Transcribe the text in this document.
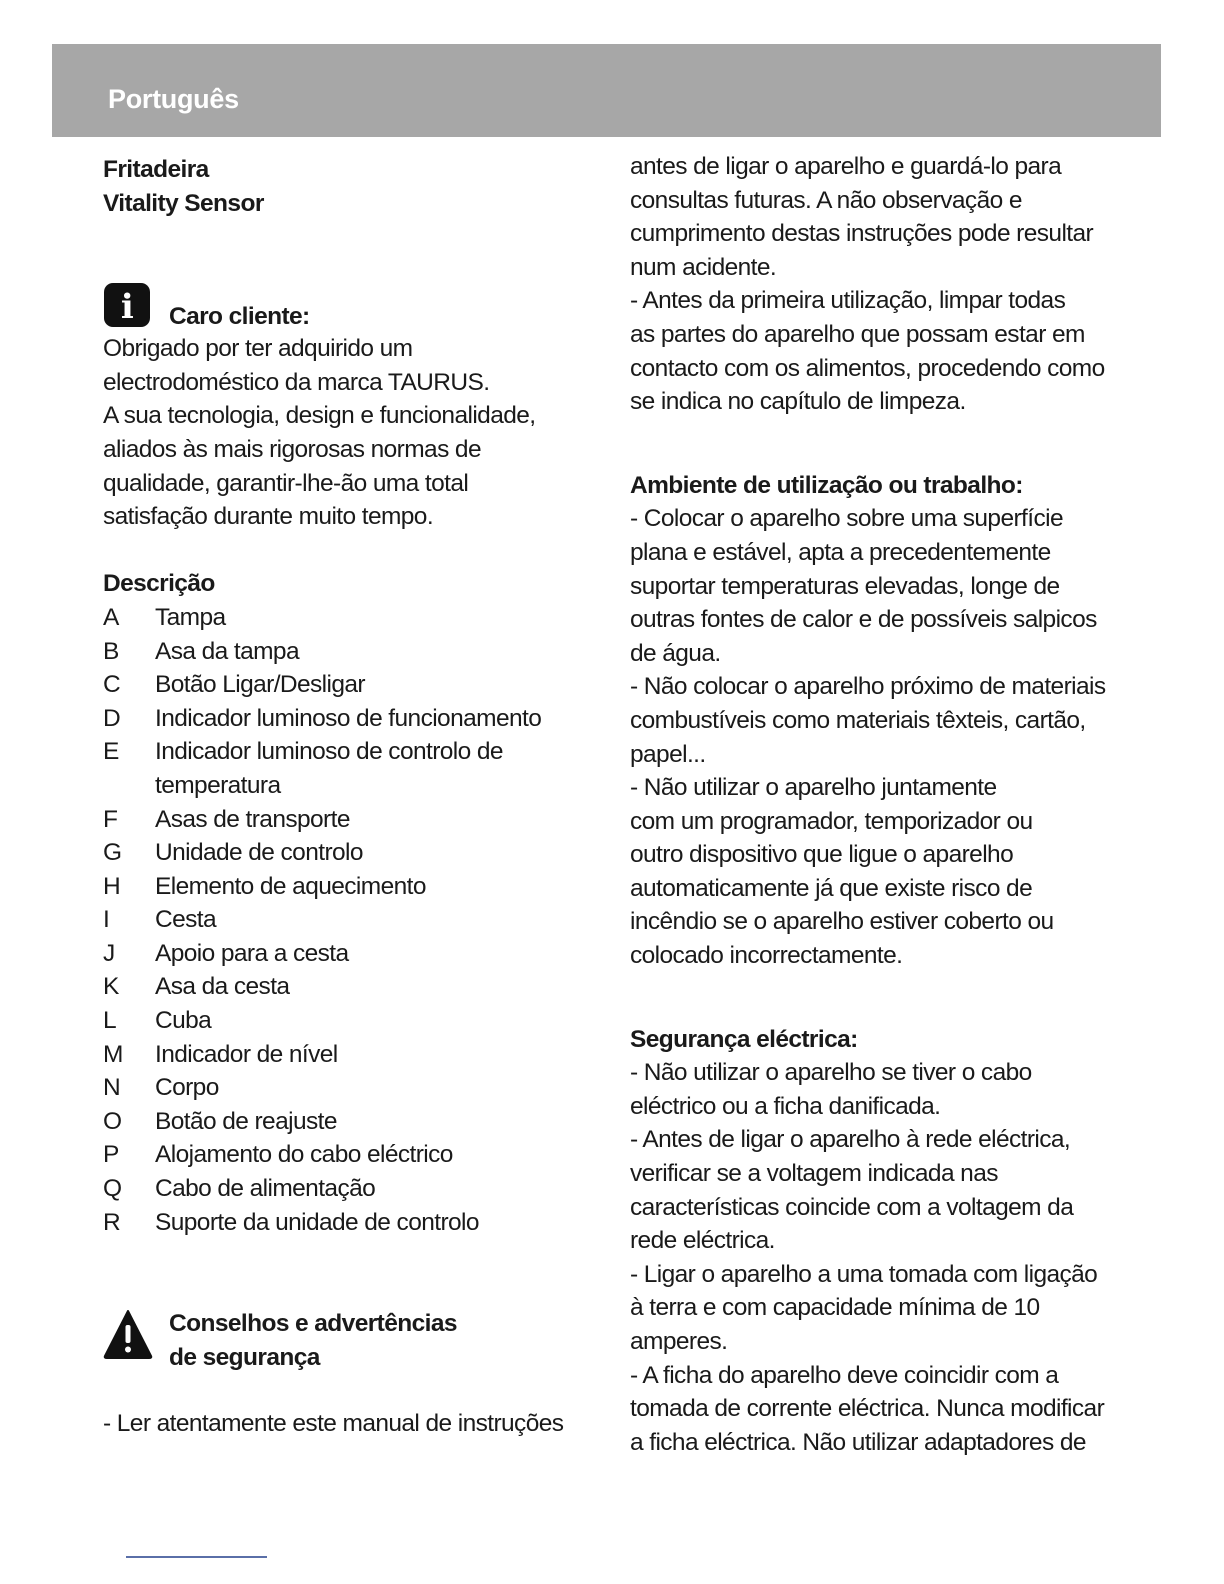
Português
Fritadeira
Vitality Sensor
i Caro cliente:
Obrigado por ter adquirido um
electrodoméstico da marca TAURUS.
A sua tecnologia, design e funcionalidade,
aliados às mais rigorosas normas de
qualidade, garantir-lhe-ão uma total
satisfação durante muito tempo.
Descrição
A	Tampa
B	Asa da tampa
C	Botão Ligar/Desligar
D	Indicador luminoso de funcionamento
E	Indicador luminoso de controlo de
temperatura
F	Asas de transporte
G	Unidade de controlo
H	Elemento de aquecimento
I	Cesta
J	Apoio para a cesta
K	Asa da cesta
L	Cuba
M	Indicador de nível
N	Corpo
O	Botão de reajuste
P	Alojamento do cabo eléctrico
Q	Cabo de alimentação
R	Suporte da unidade de controlo
Conselhos e advertências
de segurança
- Ler atentamente este manual de instruções
antes de ligar o aparelho e guardá-lo para
consultas futuras. A não observação e
cumprimento destas instruções pode resultar
num acidente.
- Antes da primeira utilização, limpar todas
as partes do aparelho que possam estar em
contacto com os alimentos, procedendo como
se indica no capítulo de limpeza.
Ambiente de utilização ou trabalho:
- Colocar o aparelho sobre uma superfície
plana e estável, apta a precedentemente
suportar temperaturas elevadas, longe de
outras fontes de calor e de possíveis salpicos
de água.
- Não colocar o aparelho próximo de materiais
combustíveis como materiais têxteis, cartão,
papel...
- Não utilizar o aparelho juntamente
com um programador, temporizador ou
outro dispositivo que ligue o aparelho
automaticamente já que existe risco de
incêndio se o aparelho estiver coberto ou
colocado incorrectamente.
Segurança eléctrica:
- Não utilizar o aparelho se tiver o cabo
eléctrico ou a ficha danificada.
- Antes de ligar o aparelho à rede eléctrica,
verificar se a voltagem indicada nas
características coincide com a voltagem da
rede eléctrica.
- Ligar o aparelho a uma tomada com ligação
à terra e com capacidade mínima de 10
amperes.
- A ficha do aparelho deve coincidir com a
tomada de corrente eléctrica. Nunca modificar
a ficha eléctrica. Não utilizar adaptadores de
